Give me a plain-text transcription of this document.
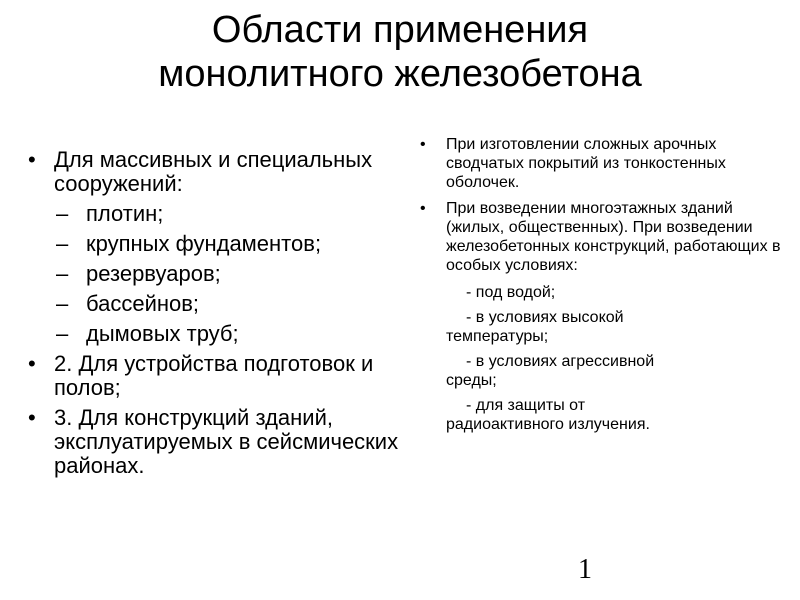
Области применения
монолитного железобетона
• Для массивных и специальных сооружений:
– плотин;
– крупных фундаментов;
– резервуаров;
– бассейнов;
– дымовых труб;
• 2. Для устройства подготовок и полов;
• 3. Для конструкций зданий, эксплуатируемых в сейсмических районах.
• При изготовлении сложных арочных сводчатых покрытий из тонкостенных оболочек.
• При возведении многоэтажных зданий (жилых, общественных). При возведении железобетонных конструкций, работающих в особых условиях:
- под водой;
- в условиях высокой
температуры;
- в условиях агрессивной
среды;
- для защиты от
радиоактивного излучения.
1
